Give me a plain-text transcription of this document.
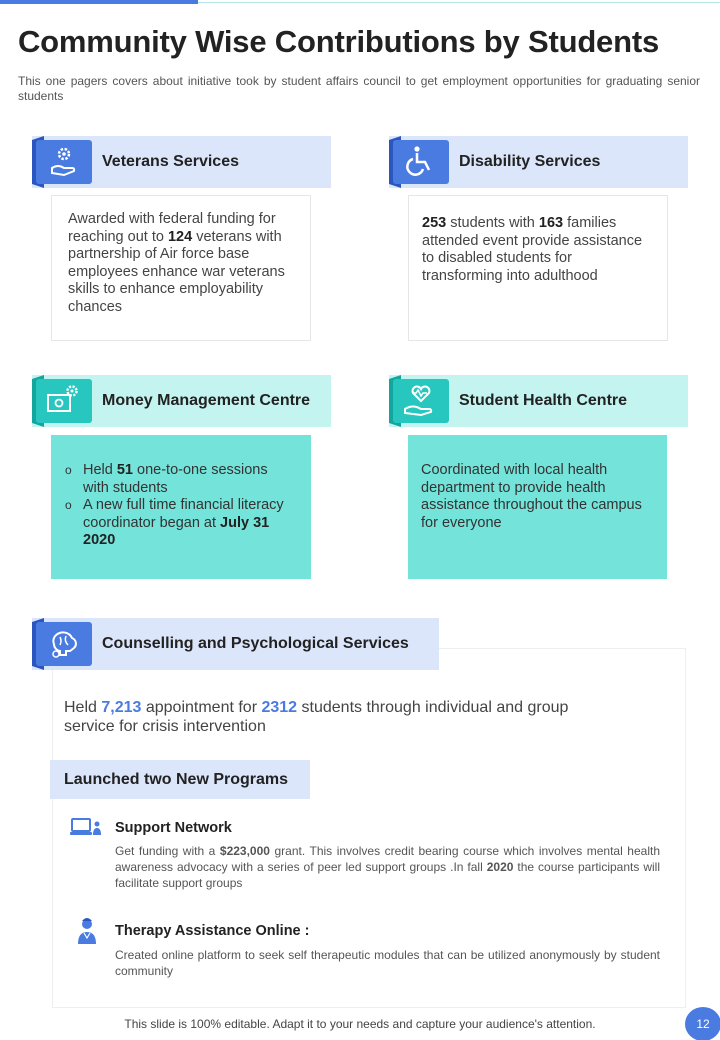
Community Wise Contributions by Students

This one pagers covers about initiative took by student affairs council to get employment opportunities for graduating senior students

Veterans Services
Awarded with federal funding for reaching out to 124 veterans with partnership of Air force base employees enhance war veterans skills to enhance employability chances
Disability Services
253 students with 163 families attended event provide assistance to disabled students for transforming into adulthood
Money Management Centre
o Held 51 one-to-one sessions with students
o A new full time financial literacy coordinator began at July 31 2020
Student Health Centre
Coordinated with local health department to provide health assistance throughout the campus for everyone
Counselling and Psychological Services
Held 7,213 appointment for 2312 students through individual and group service for crisis intervention
Launched two New Programs
Support Network
Get funding with a $223,000 grant. This involves credit bearing course which involves mental health awareness advocacy with a series of peer led support groups .In fall 2020 the course participants will facilitate support groups
Therapy Assistance Online :
Created online platform to seek self therapeutic modules that can be utilized anonymously by student community
This slide is 100% editable. Adapt it to your needs and capture your audience's attention.	12
